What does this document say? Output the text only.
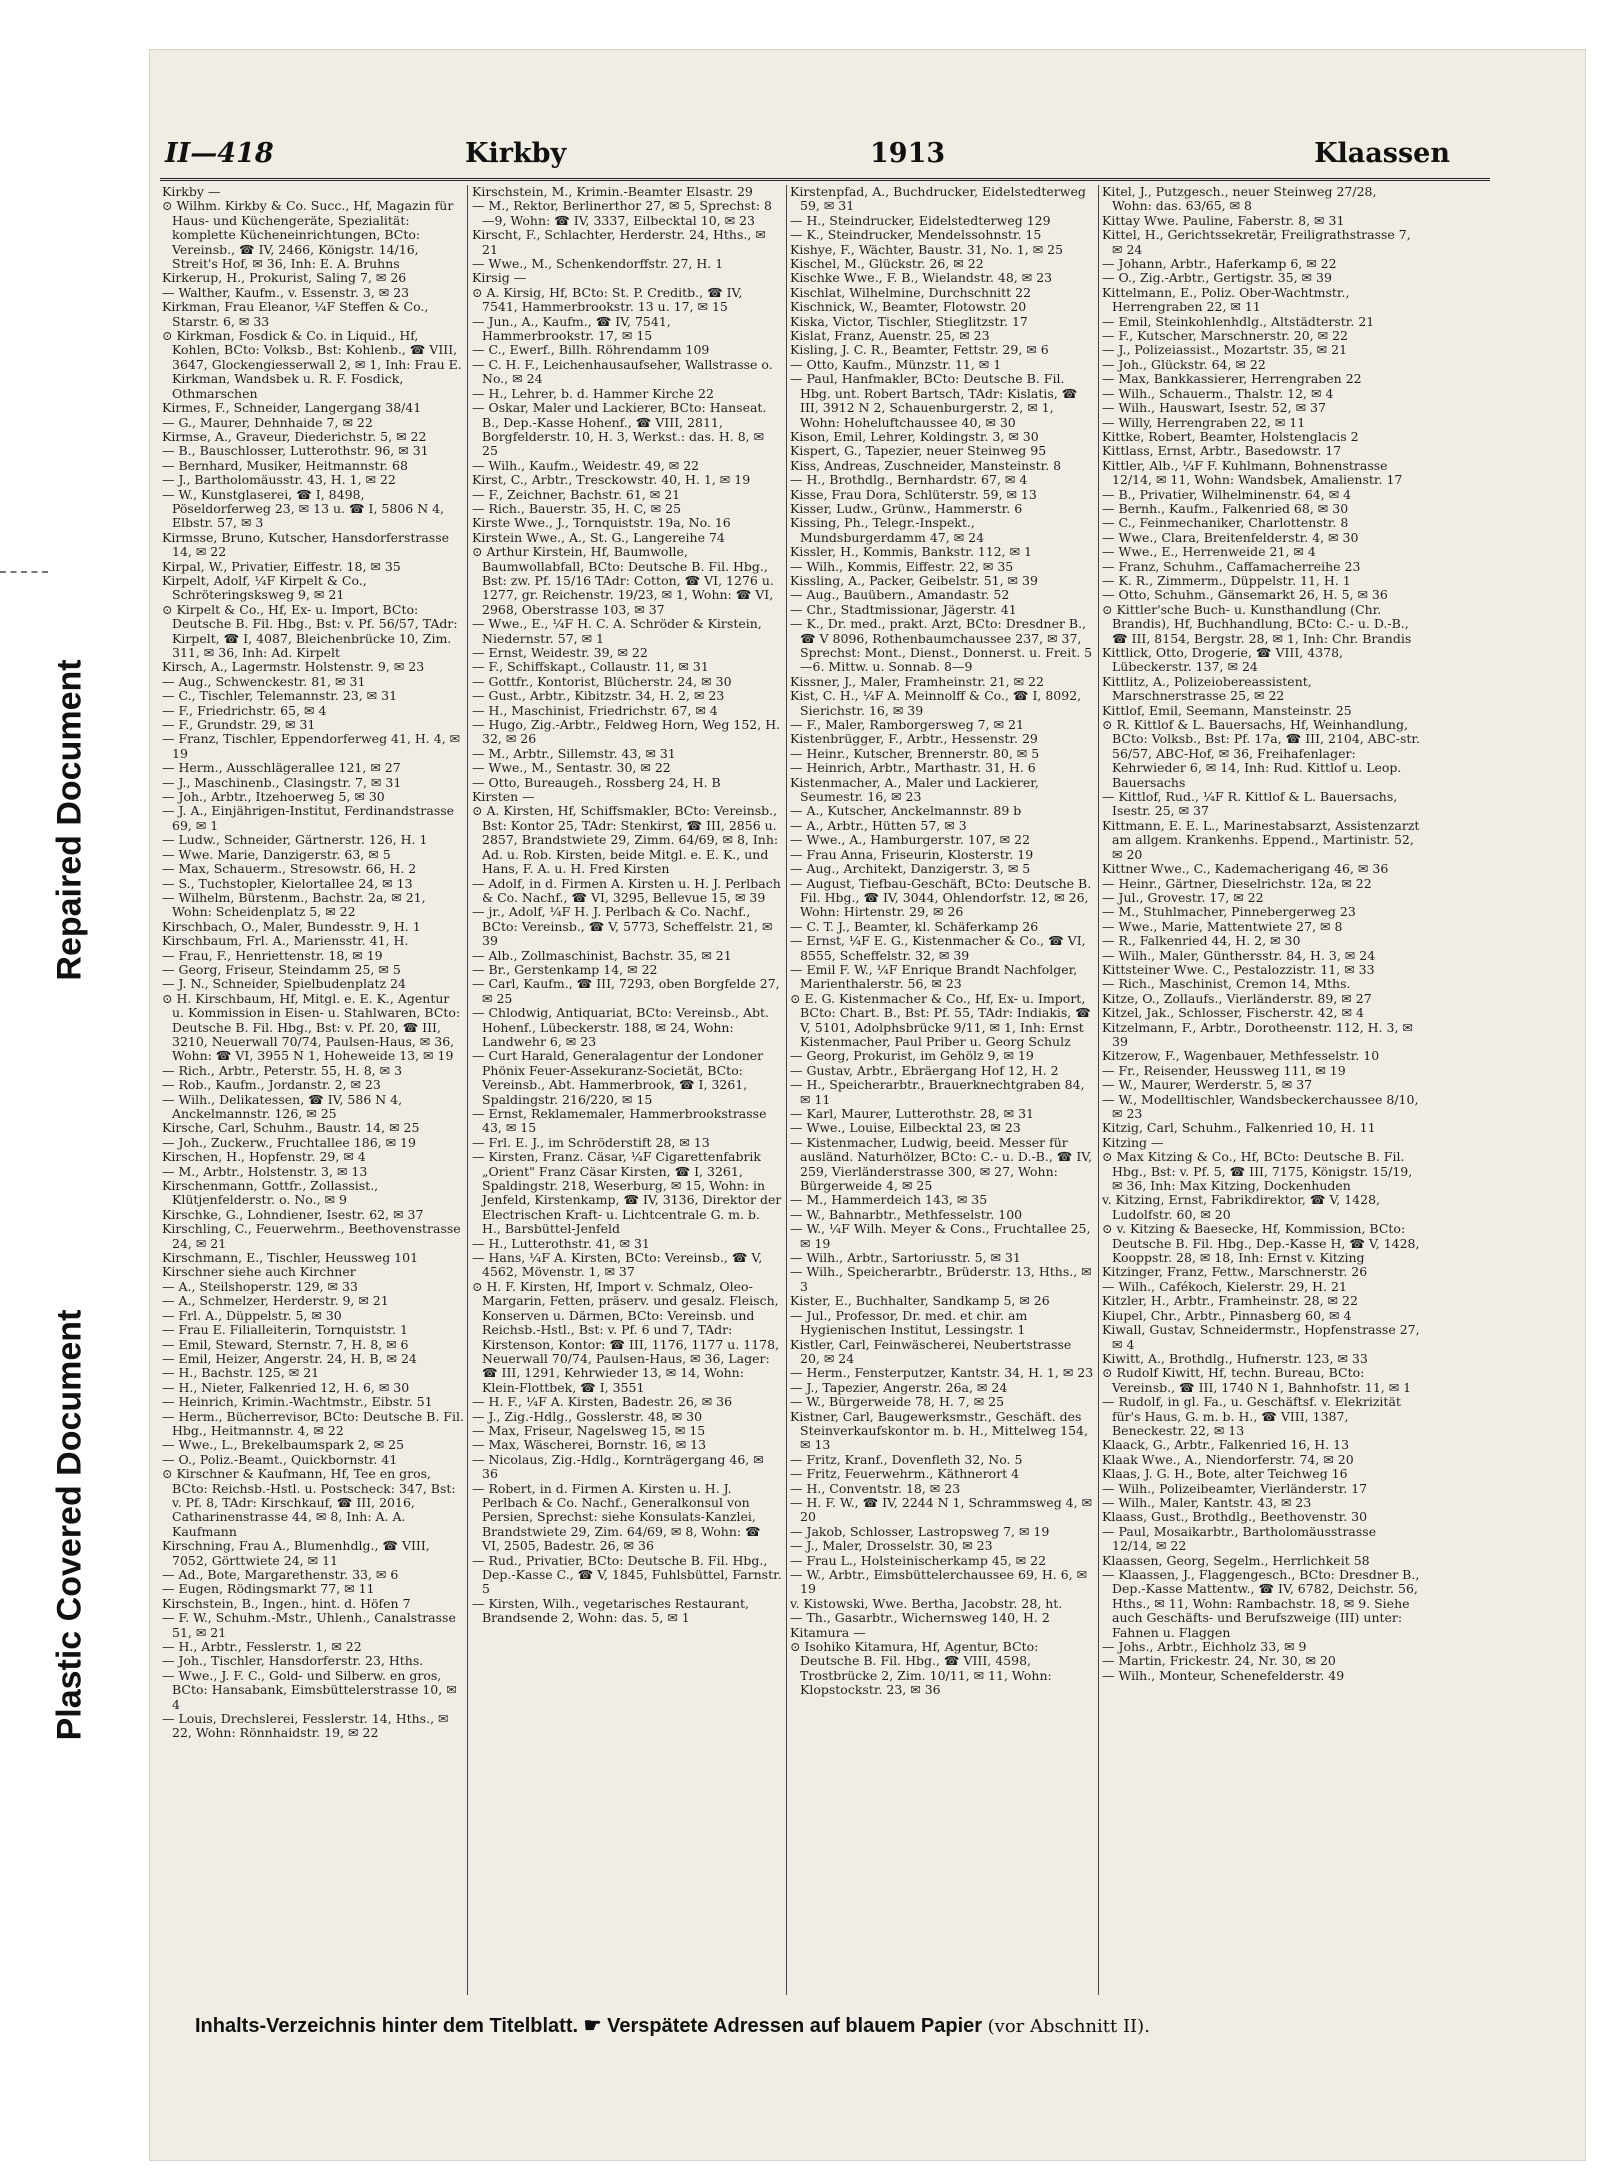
Plastic Covered Document
Repaired Document
II—418	Kirkby	1913	Klaassen
Kirkby —
⊙ Wilhm. Kirkby & Co. Succ., Hf, Magazin für Haus- und Küchengeräte, Spezialität: komplette Kücheneinrichtungen, BCto: Vereinsb., ☎ IV, 2466, Königstr. 14/16, Streit's Hof, ✉ 36, Inh: E. A. Bruhns
Kirkerup, H., Prokurist, Saling 7, ✉ 26
— Walther, Kaufm., v. Essenstr. 3, ✉ 23
Kirkman, Frau Eleanor, ¼F Steffen & Co., Starstr. 6, ✉ 33
⊙ Kirkman, Fosdick & Co. in Liquid., Hf, Kohlen, BCto: Volksb., Bst: Kohlenb., ☎ VIII, 3647, Glockengiesserwall 2, ✉ 1, Inh: Frau E. Kirkman, Wandsbek u. R. F. Fosdick, Othmarschen
Kirmes, F., Schneider, Langergang 38/41
— G., Maurer, Dehnhaide 7, ✉ 22
Kirmse, A., Graveur, Diederichstr. 5, ✉ 22
— B., Bauschlosser, Lutterothstr. 96, ✉ 31
— Bernhard, Musiker, Heitmannstr. 68
— J., Bartholomäusstr. 43, H. 1, ✉ 22
— W., Kunstglaserei, ☎ I, 8498, Pöseldorferweg 23, ✉ 13 u. ☎ I, 5806 N 4, Elbstr. 57, ✉ 3
Kirmsse, Bruno, Kutscher, Hansdorferstrasse 14, ✉ 22
Kirpal, W., Privatier, Eiffestr. 18, ✉ 35
Kirpelt, Adolf, ¼F Kirpelt & Co., Schröteringsksweg 9, ✉ 21
⊙ Kirpelt & Co., Hf, Ex- u. Import, BCto: Deutsche B. Fil. Hbg., Bst: v. Pf. 56/57, TAdr: Kirpelt, ☎ I, 4087, Bleichenbrücke 10, Zim. 311, ✉ 36, Inh: Ad. Kirpelt
Kirsch, A., Lagermstr. Holstenstr. 9, ✉ 23
— Aug., Schwenckestr. 81, ✉ 31
— C., Tischler, Telemannstr. 23, ✉ 31
— F., Friedrichstr. 65, ✉ 4
— F., Grundstr. 29, ✉ 31
— Franz, Tischler, Eppendorferweg 41, H. 4, ✉ 19
— Herm., Ausschlägerallee 121, ✉ 27
— J., Maschinenb., Clasingstr. 7, ✉ 31
— Joh., Arbtr., Itzehoerweg 5, ✉ 30
— J. A., Einjährigen-Institut, Ferdinandstrasse 69, ✉ 1
— Ludw., Schneider, Gärtnerstr. 126, H. 1
— Wwe. Marie, Danzigerstr. 63, ✉ 5
— Max, Schauerm., Stresowstr. 66, H. 2
— S., Tuchstopler, Kielortallee 24, ✉ 13
— Wilhelm, Bürstenm., Bachstr. 2a, ✉ 21, Wohn: Scheidenplatz 5, ✉ 22
Kirschbach, O., Maler, Bundesstr. 9, H. 1
Kirschbaum, Frl. A., Mariensstr. 41, H.
— Frau, F., Henriettenstr. 18, ✉ 19
— Georg, Friseur, Steindamm 25, ✉ 5
— J. N., Schneider, Spielbudenplatz 24
⊙ H. Kirschbaum, Hf, Mitgl. e. E. K., Agentur u. Kommission in Eisen- u. Stahlwaren, BCto: Deutsche B. Fil. Hbg., Bst: v. Pf. 20, ☎ III, 3210, Neuerwall 70/74, Paulsen-Haus, ✉ 36, Wohn: ☎ VI, 3955 N 1, Hoheweide 13, ✉ 19
— Rich., Arbtr., Peterstr. 55, H. 8, ✉ 3
— Rob., Kaufm., Jordanstr. 2, ✉ 23
— Wilh., Delikatessen, ☎ IV, 586 N 4, Anckelmannstr. 126, ✉ 25
Kirsche, Carl, Schuhm., Baustr. 14, ✉ 25
— Joh., Zuckerw., Fruchtallee 186, ✉ 19
Kirschen, H., Hopfenstr. 29, ✉ 4
— M., Arbtr., Holstenstr. 3, ✉ 13
Kirschenmann, Gottfr., Zollassist., Klütjenfelderstr. o. No., ✉ 9
Kirschke, G., Lohndiener, Isestr. 62, ✉ 37
Kirschling, C., Feuerwehrm., Beethovenstrasse 24, ✉ 21
Kirschmann, E., Tischler, Heussweg 101
Kirschner siehe auch Kirchner
— A., Steilshoperstr. 129, ✉ 33
— A., Schmelzer, Herderstr. 9, ✉ 21
— Frl. A., Düppelstr. 5, ✉ 30
— Frau E. Filialleiterin, Tornquiststr. 1
— Emil, Steward, Sternstr. 7, H. 8, ✉ 6
— Emil, Heizer, Angerstr. 24, H. B, ✉ 24
— H., Bachstr. 125, ✉ 21
— H., Nieter, Falkenried 12, H. 6, ✉ 30
— Heinrich, Krimin.-Wachtmstr., Eibstr. 51
— Herm., Bücherrevisor, BCto: Deutsche B. Fil. Hbg., Heitmannstr. 4, ✉ 22
— Wwe., L., Brekelbaumspark 2, ✉ 25
— O., Poliz.-Beamt., Quickbornstr. 41
⊙ Kirschner & Kaufmann, Hf, Tee en gros, BCto: Reichsb.-Hstl. u. Postscheck: 347, Bst: v. Pf. 8, TAdr: Kirschkauf, ☎ III, 2016, Catharinenstrasse 44, ✉ 8, Inh: A. A. Kaufmann
Kirschning, Frau A., Blumenhdlg., ☎ VIII, 7052, Görttwiete 24, ✉ 11
— Ad., Bote, Margarethenstr. 33, ✉ 6
— Eugen, Rödingsmarkt 77, ✉ 11
Kirschstein, B., Ingen., hint. d. Höfen 7
— F. W., Schuhm.-Mstr., Uhlenh., Canalstrasse 51, ✉ 21
— H., Arbtr., Fesslerstr. 1, ✉ 22
— Joh., Tischler, Hansdorferstr. 23, Hths.
— Wwe., J. F. C., Gold- und Silberw. en gros, BCto: Hansabank, Eimsbüttelerstrasse 10, ✉ 4
— Louis, Drechslerei, Fesslerstr. 14, Hths., ✉ 22, Wohn: Rönnhaidstr. 19, ✉ 22
Kirschstein, M., Krimin.-Beamter Elsastr. 29
— M., Rektor, Berlinerthor 27, ✉ 5, Sprechst: 8—9, Wohn: ☎ IV, 3337, Eilbecktal 10, ✉ 23
Kirscht, F., Schlachter, Herderstr. 24, Hths., ✉ 21
— Wwe., M., Schenkendorffstr. 27, H. 1
Kirsig —
⊙ A. Kirsig, Hf, BCto: St. P. Creditb., ☎ IV, 7541, Hammerbrookstr. 13 u. 17, ✉ 15
— Jun., A., Kaufm., ☎ IV, 7541, Hammerbrookstr. 17, ✉ 15
— C., Ewerf., Billh. Röhrendamm 109
— C. H. F., Leichenhausaufseher, Wallstrasse o. No., ✉ 24
— H., Lehrer, b. d. Hammer Kirche 22
— Oskar, Maler und Lackierer, BCto: Hanseat. B., Dep.-Kasse Hohenf., ☎ VIII, 2811, Borgfelderstr. 10, H. 3, Werkst.: das. H. 8, ✉ 25
— Wilh., Kaufm., Weidestr. 49, ✉ 22
Kirst, C., Arbtr., Tresckowstr. 40, H. 1, ✉ 19
— F., Zeichner, Bachstr. 61, ✉ 21
— Rich., Bauerstr. 35, H. C, ✉ 25
Kirste Wwe., J., Tornquiststr. 19a, No. 16
Kirstein Wwe., A., St. G., Langereihe 74
⊙ Arthur Kirstein, Hf, Baumwolle, Baumwollabfall, BCto: Deutsche B. Fil. Hbg., Bst: zw. Pf. 15/16 TAdr: Cotton, ☎ VI, 1276 u. 1277, gr. Reichenstr. 19/23, ✉ 1, Wohn: ☎ VI, 2968, Oberstrasse 103, ✉ 37
— Wwe., E., ¼F H. C. A. Schröder & Kirstein, Niedernstr. 57, ✉ 1
— Ernst, Weidestr. 39, ✉ 22
— F., Schiffskapt., Collaustr. 11, ✉ 31
— Gottfr., Kontorist, Blücherstr. 24, ✉ 30
— Gust., Arbtr., Kibitzstr. 34, H. 2, ✉ 23
— H., Maschinist, Friedrichstr. 67, ✉ 4
— Hugo, Zig.-Arbtr., Feldweg Horn, Weg 152, H. 32, ✉ 26
— M., Arbtr., Sillemstr. 43, ✉ 31
— Wwe., M., Sentastr. 30, ✉ 22
— Otto, Bureaugeh., Rossberg 24, H. B
Kirsten —
⊙ A. Kirsten, Hf, Schiffsmakler, BCto: Vereinsb., Bst: Kontor 25, TAdr: Stenkirst, ☎ III, 2856 u. 2857, Brandstwiete 29, Zimm. 64/69, ✉ 8, Inh: Ad. u. Rob. Kirsten, beide Mitgl. e. E. K., und Hans, F. A. u. H. Fred Kirsten
— Adolf, in d. Firmen A. Kirsten u. H. J. Perlbach & Co. Nachf., ☎ VI, 3295, Bellevue 15, ✉ 39
— jr., Adolf, ¼F H. J. Perlbach & Co. Nachf., BCto: Vereinsb., ☎ V, 5773, Scheffelstr. 21, ✉ 39
— Alb., Zollmaschinist, Bachstr. 35, ✉ 21
— Br., Gerstenkamp 14, ✉ 22
— Carl, Kaufm., ☎ III, 7293, oben Borgfelde 27, ✉ 25
— Chlodwig, Antiquariat, BCto: Vereinsb., Abt. Hohenf., Lübeckerstr. 188, ✉ 24, Wohn: Landwehr 6, ✉ 23
— Curt Harald, Generalagentur der Londoner Phönix Feuer-Assekuranz-Societät, BCto: Vereinsb., Abt. Hammerbrook, ☎ I, 3261, Spaldingstr. 216/220, ✉ 15
— Ernst, Reklamemaler, Hammerbrookstrasse 43, ✉ 15
— Frl. E. J., im Schröderstift 28, ✉ 13
— Kirsten, Franz. Cäsar, ¼F Cigarettenfabrik „Orient" Franz Cäsar Kirsten, ☎ I, 3261, Spaldingstr. 218, Weserburg, ✉ 15, Wohn: in Jenfeld, Kirstenkamp, ☎ IV, 3136, Direktor der Electrischen Kraft- u. Lichtcentrale G. m. b. H., Barsbüttel-Jenfeld
— H., Lutterothstr. 41, ✉ 31
— Hans, ¼F A. Kirsten, BCto: Vereinsb., ☎ V, 4562, Mövenstr. 1, ✉ 37
⊙ H. F. Kirsten, Hf, Import v. Schmalz, Oleo-Margarin, Fetten, präserv. und gesalz. Fleisch, Konserven u. Därmen, BCto: Vereinsb. und Reichsb.-Hstl., Bst: v. Pf. 6 und 7, TAdr: Kirstenson, Kontor: ☎ III, 1176, 1177 u. 1178, Neuerwall 70/74, Paulsen-Haus, ✉ 36, Lager: ☎ III, 1291, Kehrwieder 13, ✉ 14, Wohn: Klein-Flottbek, ☎ I, 3551
— H. F., ¼F A. Kirsten, Badestr. 26, ✉ 36
— J., Zig.-Hdlg., Gosslerstr. 48, ✉ 30
— Max, Friseur, Nagelsweg 15, ✉ 15
— Max, Wäscherei, Bornstr. 16, ✉ 13
— Nicolaus, Zig.-Hdlg., Kornträgergang 46, ✉ 36
— Robert, in d. Firmen A. Kirsten u. H. J. Perlbach & Co. Nachf., Generalkonsul von Persien, Sprechst: siehe Konsulats-Kanzlei, Brandstwiete 29, Zim. 64/69, ✉ 8, Wohn: ☎ VI, 2505, Badestr. 26, ✉ 36
— Rud., Privatier, BCto: Deutsche B. Fil. Hbg., Dep.-Kasse C., ☎ V, 1845, Fuhlsbüttel, Farnstr. 5
— Kirsten, Wilh., vegetarisches Restaurant, Brandsende 2, Wohn: das. 5, ✉ 1
Kirstenpfad, A., Buchdrucker, Eidelstedterweg 59, ✉ 31
— H., Steindrucker, Eidelstedterweg 129
— K., Steindrucker, Mendelssohnstr. 15
Kishye, F., Wächter, Baustr. 31, No. 1, ✉ 25
Kischel, M., Glückstr. 26, ✉ 22
Kischke Wwe., F. B., Wielandstr. 48, ✉ 23
Kischlat, Wilhelmine, Durchschnitt 22
Kischnick, W., Beamter, Flotowstr. 20
Kiska, Victor, Tischler, Stieglitzstr. 17
Kislat, Franz, Auenstr. 25, ✉ 23
Kisling, J. C. R., Beamter, Fettstr. 29, ✉ 6
— Otto, Kaufm., Münzstr. 11, ✉ 1
— Paul, Hanfmakler, BCto: Deutsche B. Fil. Hbg. unt. Robert Bartsch, TAdr: Kislatis, ☎ III, 3912 N 2, Schauenburgerstr. 2, ✉ 1, Wohn: Hoheluftchaussee 40, ✉ 30
Kison, Emil, Lehrer, Koldingstr. 3, ✉ 30
Kispert, G., Tapezier, neuer Steinweg 95
Kiss, Andreas, Zuschneider, Mansteinstr. 8
— H., Brothdlg., Bernhardstr. 67, ✉ 4
Kisse, Frau Dora, Schlüterstr. 59, ✉ 13
Kisser, Ludw., Grünw., Hammerstr. 6
Kissing, Ph., Telegr.-Inspekt., Mundsburgerdamm 47, ✉ 24
Kissler, H., Kommis, Bankstr. 112, ✉ 1
— Wilh., Kommis, Eiffestr. 22, ✉ 35
Kissling, A., Packer, Geibelstr. 51, ✉ 39
— Aug., Bauübern., Amandastr. 52
— Chr., Stadtmissionar, Jägerstr. 41
— K., Dr. med., prakt. Arzt, BCto: Dresdner B., ☎ V 8096, Rothenbaumchaussee 237, ✉ 37, Sprechst: Mont., Dienst., Donnerst. u. Freit. 5—6. Mittw. u. Sonnab. 8—9
Kissner, J., Maler, Framheinstr. 21, ✉ 22
Kist, C. H., ¼F A. Meinnolff & Co., ☎ I, 8092, Sierichstr. 16, ✉ 39
— F., Maler, Ramborgersweg 7, ✉ 21
Kistenbrügger, F., Arbtr., Hessenstr. 29
— Heinr., Kutscher, Brennerstr. 80, ✉ 5
— Heinrich, Arbtr., Marthastr. 31, H. 6
Kistenmacher, A., Maler und Lackierer, Seumestr. 16, ✉ 23
— A., Kutscher, Anckelmannstr. 89 b
— A., Arbtr., Hütten 57, ✉ 3
— Wwe., A., Hamburgerstr. 107, ✉ 22
— Frau Anna, Friseurin, Klosterstr. 19
— Aug., Architekt, Danzigerstr. 3, ✉ 5
— August, Tiefbau-Geschäft, BCto: Deutsche B. Fil. Hbg., ☎ IV, 3044, Ohlendorfstr. 12, ✉ 26, Wohn: Hirtenstr. 29, ✉ 26
— C. T. J., Beamter, kl. Schäferkamp 26
— Ernst, ¼F E. G., Kistenmacher & Co., ☎ VI, 8555, Scheffelstr. 32, ✉ 39
— Emil F. W., ¼F Enrique Brandt Nachfolger, Marienthalerstr. 56, ✉ 23
⊙ E. G. Kistenmacher & Co., Hf, Ex- u. Import, BCto: Chart. B., Bst: Pf. 55, TAdr: Indiakis, ☎ V, 5101, Adolphsbrücke 9/11, ✉ 1, Inh: Ernst Kistenmacher, Paul Priber u. Georg Schulz
— Georg, Prokurist, im Gehölz 9, ✉ 19
— Gustav, Arbtr., Ebräergang Hof 12, H. 2
— H., Speicherarbtr., Brauerknechtgraben 84, ✉ 11
— Karl, Maurer, Lutterothstr. 28, ✉ 31
— Wwe., Louise, Eilbecktal 23, ✉ 23
— Kistenmacher, Ludwig, beeid. Messer für ausländ. Naturhölzer, BCto: C.- u. D.-B., ☎ IV, 259, Vierländerstrasse 300, ✉ 27, Wohn: Bürgerweide 4, ✉ 25
— M., Hammerdeich 143, ✉ 35
— W., Bahnarbtr., Methfesselstr. 100
— W., ¼F Wilh. Meyer & Cons., Fruchtallee 25, ✉ 19
— Wilh., Arbtr., Sartoriusstr. 5, ✉ 31
— Wilh., Speicherarbtr., Brüderstr. 13, Hths., ✉ 3
Kister, E., Buchhalter, Sandkamp 5, ✉ 26
— Jul., Professor, Dr. med. et chir. am Hygienischen Institut, Lessingstr. 1
Kistler, Carl, Feinwäscherei, Neubertstrasse 20, ✉ 24
— Herm., Fensterputzer, Kantstr. 34, H. 1, ✉ 23
— J., Tapezier, Angerstr. 26a, ✉ 24
— W., Bürgerweide 78, H. 7, ✉ 25
Kistner, Carl, Baugewerksmstr., Geschäft. des Steinverkaufskontor m. b. H., Mittelweg 154, ✉ 13
— Fritz, Kranf., Dovenfleth 32, No. 5
— Fritz, Feuerwehrm., Käthnerort 4
— H., Conventstr. 18, ✉ 23
— H. F. W., ☎ IV, 2244 N 1, Schrammsweg 4, ✉ 20
— Jakob, Schlosser, Lastropsweg 7, ✉ 19
— J., Maler, Drosselstr. 30, ✉ 23
— Frau L., Holsteinischerkamp 45, ✉ 22
— W., Arbtr., Eimsbüttelerchaussee 69, H. 6, ✉ 19
v. Kistowski, Wwe. Bertha, Jacobstr. 28, ht.
— Th., Gasarbtr., Wichernsweg 140, H. 2
Kitamura —
⊙ Isohiko Kitamura, Hf, Agentur, BCto: Deutsche B. Fil. Hbg., ☎ VIII, 4598, Trostbrücke 2, Zim. 10/11, ✉ 11, Wohn: Klopstockstr. 23, ✉ 36
Kitel, J., Putzgesch., neuer Steinweg 27/28, Wohn: das. 63/65, ✉ 8
Kittay Wwe. Pauline, Faberstr. 8, ✉ 31
Kittel, H., Gerichtssekretär, Freiligrathstrasse 7, ✉ 24
— Johann, Arbtr., Haferkamp 6, ✉ 22
— O., Zig.-Arbtr., Gertigstr. 35, ✉ 39
Kittelmann, E., Poliz. Ober-Wachtmstr., Herrengraben 22, ✉ 11
— Emil, Steinkohlenhdlg., Altstädterstr. 21
— F., Kutscher, Marschnerstr. 20, ✉ 22
— J., Polizeiassist., Mozartstr. 35, ✉ 21
— Joh., Glückstr. 64, ✉ 22
— Max, Bankkassierer, Herrengraben 22
— Wilh., Schauerm., Thalstr. 12, ✉ 4
— Wilh., Hauswart, Isestr. 52, ✉ 37
— Willy, Herrengraben 22, ✉ 11
Kittke, Robert, Beamter, Holstenglacis 2
Kittlass, Ernst, Arbtr., Basedowstr. 17
Kittler, Alb., ¼F F. Kuhlmann, Bohnenstrasse 12/14, ✉ 11, Wohn: Wandsbek, Amalienstr. 17
— B., Privatier, Wilhelminenstr. 64, ✉ 4
— Bernh., Kaufm., Falkenried 68, ✉ 30
— C., Feinmechaniker, Charlottenstr. 8
— Wwe., Clara, Breitenfelderstr. 4, ✉ 30
— Wwe., E., Herrenweide 21, ✉ 4
— Franz, Schuhm., Caffamacherreihe 23
— K. R., Zimmerm., Düppelstr. 11, H. 1
— Otto, Schuhm., Gänsemarkt 26, H. 5, ✉ 36
⊙ Kittler'sche Buch- u. Kunsthandlung (Chr. Brandis), Hf, Buchhandlung, BCto: C.- u. D.-B., ☎ III, 8154, Bergstr. 28, ✉ 1, Inh: Chr. Brandis
Kittlick, Otto, Drogerie, ☎ VIII, 4378, Lübeckerstr. 137, ✉ 24
Kittlitz, A., Polizeiobereassistent, Marschnerstrasse 25, ✉ 22
Kittlof, Emil, Seemann, Mansteinstr. 25
⊙ R. Kittlof & L. Bauersachs, Hf, Weinhandlung, BCto: Volksb., Bst: Pf. 17a, ☎ III, 2104, ABC-str. 56/57, ABC-Hof, ✉ 36, Freihafenlager: Kehrwieder 6, ✉ 14, Inh: Rud. Kittlof u. Leop. Bauersachs
— Kittlof, Rud., ¼F R. Kittlof & L. Bauersachs, Isestr. 25, ✉ 37
Kittmann, E. E. L., Marinestabsarzt, Assistenzarzt am allgem. Krankenhs. Eppend., Martinistr. 52, ✉ 20
Kittner Wwe., C., Kademacherigang 46, ✉ 36
— Heinr., Gärtner, Dieselrichstr. 12a, ✉ 22
— Jul., Grovestr. 17, ✉ 22
— M., Stuhlmacher, Pinnebergerweg 23
— Wwe., Marie, Mattentwiete 27, ✉ 8
— R., Falkenried 44, H. 2, ✉ 30
— Wilh., Maler, Günthersstr. 84, H. 3, ✉ 24
Kittsteiner Wwe. C., Pestalozzistr. 11, ✉ 33
— Rich., Maschinist, Cremon 14, Mths.
Kitze, O., Zollaufs., Vierländerstr. 89, ✉ 27
Kitzel, Jak., Schlosser, Fischerstr. 42, ✉ 4
Kitzelmann, F., Arbtr., Dorotheenstr. 112, H. 3, ✉ 39
Kitzerow, F., Wagenbauer, Methfesselstr. 10
— Fr., Reisender, Heussweg 111, ✉ 19
— W., Maurer, Werderstr. 5, ✉ 37
— W., Modelltischler, Wandsbeckerchaussee 8/10, ✉ 23
Kitzig, Carl, Schuhm., Falkenried 10, H. 11
Kitzing —
⊙ Max Kitzing & Co., Hf, BCto: Deutsche B. Fil. Hbg., Bst: v. Pf. 5, ☎ III, 7175, Königstr. 15/19, ✉ 36, Inh: Max Kitzing, Dockenhuden
v. Kitzing, Ernst, Fabrikdirektor, ☎ V, 1428, Ludolfstr. 60, ✉ 20
⊙ v. Kitzing & Baesecke, Hf, Kommission, BCto: Deutsche B. Fil. Hbg., Dep.-Kasse H, ☎ V, 1428, Kooppstr. 28, ✉ 18, Inh: Ernst v. Kitzing
Kitzinger, Franz, Fettw., Marschnerstr. 26
— Wilh., Cafékoch, Kielerstr. 29, H. 21
Kitzler, H., Arbtr., Framheinstr. 28, ✉ 22
Kiupel, Chr., Arbtr., Pinnasberg 60, ✉ 4
Kiwall, Gustav, Schneidermstr., Hopfenstrasse 27, ✉ 4
Kiwitt, A., Brothdlg., Hufnerstr. 123, ✉ 33
⊙ Rudolf Kiwitt, Hf, techn. Bureau, BCto: Vereinsb., ☎ III, 1740 N 1, Bahnhofstr. 11, ✉ 1
— Rudolf, in gl. Fa., u. Geschäftsf. v. Elekrizität für's Haus, G. m. b. H., ☎ VIII, 1387, Beneckestr. 22, ✉ 13
Klaack, G., Arbtr., Falkenried 16, H. 13
Klaak Wwe., A., Niendorferstr. 74, ✉ 20
Klaas, J. G. H., Bote, alter Teichweg 16
— Wilh., Polizeibeamter, Vierländerstr. 17
— Wilh., Maler, Kantstr. 43, ✉ 23
Klaass, Gust., Brothdlg., Beethovenstr. 30
— Paul, Mosaikarbtr., Bartholomäusstrasse 12/14, ✉ 22
Klaassen, Georg, Segelm., Herrlichkeit 58
— Klaassen, J., Flaggengesch., BCto: Dresdner B., Dep.-Kasse Mattentw., ☎ IV, 6782, Deichstr. 56, Hths., ✉ 11, Wohn: Rambachstr. 18, ✉ 9. Siehe auch Geschäfts- und Berufszweige (III) unter: Fahnen u. Flaggen
— Johs., Arbtr., Eichholz 33, ✉ 9
— Martin, Frickestr. 24, Nr. 30, ✉ 20
— Wilh., Monteur, Schenefelderstr. 49
Inhalts-Verzeichnis hinter dem Titelblatt. ☛ Verspätete Adressen auf blauem Papier (vor Abschnitt II).
